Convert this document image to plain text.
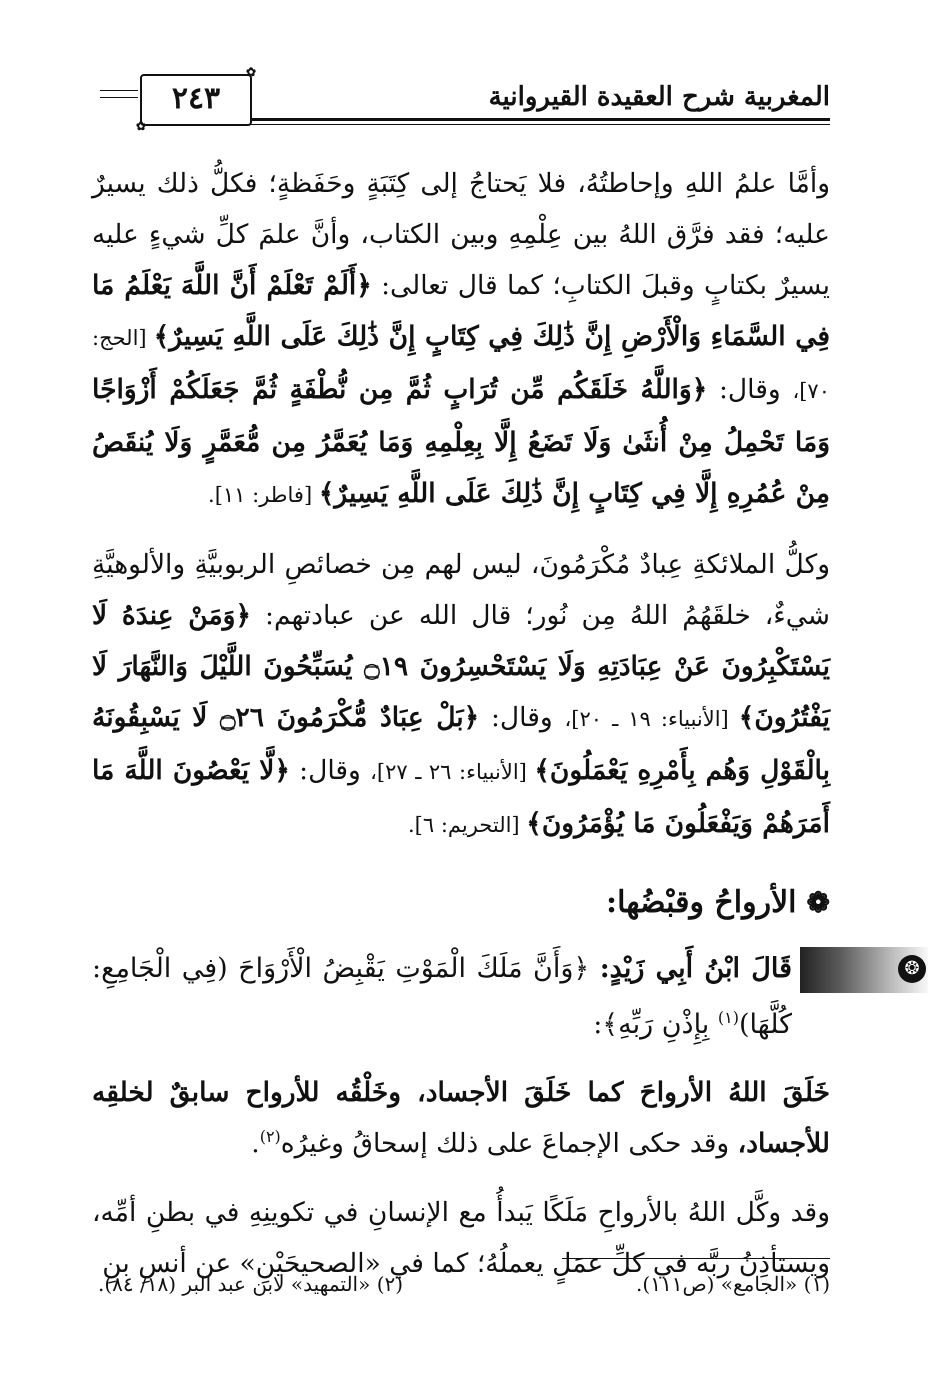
المغربية شرح العقيدة القيروانية
✿
٢٤٣
✿

وأمَّا علمُ اللهِ وإحاطتُهُ، فلا يَحتاجُ إلى كِتَبَةٍ وحَفَظةٍ؛ فكلُّ ذلك يسيرٌ عليه؛ فقد فرَّق اللهُ بين عِلْمِهِ وبين الكتاب، وأنَّ علمَ كلِّ شيءٍ عليه يسيرٌ بكتابٍ وقبلَ الكتابِ؛ كما قال تعالى: ﴿أَلَمْ تَعْلَمْ أَنَّ اللَّهَ يَعْلَمُ مَا فِي السَّمَاءِ وَالْأَرْضِ إِنَّ ذَٰلِكَ فِي كِتَابٍ إِنَّ ذَٰلِكَ عَلَى اللَّهِ يَسِيرٌ﴾ [الحج: ٧٠]، وقال: ﴿وَاللَّهُ خَلَقَكُم مِّن تُرَابٍ ثُمَّ مِن نُّطْفَةٍ ثُمَّ جَعَلَكُمْ أَزْوَاجًا وَمَا تَحْمِلُ مِنْ أُنثَىٰ وَلَا تَضَعُ إِلَّا بِعِلْمِهِ وَمَا يُعَمَّرُ مِن مُّعَمَّرٍ وَلَا يُنقَصُ مِنْ عُمُرِهِ إِلَّا فِي كِتَابٍ إِنَّ ذَٰلِكَ عَلَى اللَّهِ يَسِيرٌ﴾ [فاطر: ١١].

وكلُّ الملائكةِ عِبادٌ مُكْرَمُونَ، ليس لهم مِن خصائصِ الربوبيَّةِ والألوهيَّةِ شيءٌ، خلقَهُمُ اللهُ مِن نُور؛ قال الله عن عبادتهم: ﴿وَمَنْ عِندَهُ لَا يَسْتَكْبِرُونَ عَنْ عِبَادَتِهِ وَلَا يَسْتَحْسِرُونَ ۝١٩ يُسَبِّحُونَ اللَّيْلَ وَالنَّهَارَ لَا يَفْتُرُونَ﴾ [الأنبياء: ١٩ ـ ٢٠]، وقال: ﴿بَلْ عِبَادٌ مُّكْرَمُونَ ۝٢٦ لَا يَسْبِقُونَهُ بِالْقَوْلِ وَهُم بِأَمْرِهِ يَعْمَلُونَ﴾ [الأنبياء: ٢٦ ـ ٢٧]، وقال: ﴿لَّا يَعْصُونَ اللَّهَ مَا أَمَرَهُمْ وَيَفْعَلُونَ مَا يُؤْمَرُونَ﴾ [التحريم: ٦].

❁
الأرواحُ وقبْضُها:
❂
قَالَ ابْنُ أَبِي زَيْدٍ: ﴿وَأَنَّ مَلَكَ الْمَوْتِ يَقْبِضُ الْأَرْوَاحَ (فِي الْجَامِعِ: كُلَّهَا)$^{(١)}$ بِإِذْنِ رَبِّهِ﴾:

خَلَقَ اللهُ الأرواحَ كما خَلَقَ الأجساد، وخَلْقُه للأرواح سابقٌ لخلقِه للأجساد، وقد حكى الإجماعَ على ذلك إسحاقُ وغيرُه$^{(٢)}$.

وقد وكَّل اللهُ بالأرواحِ مَلَكًا يَبدأُ مع الإنسانِ في تكوينِهِ في بطنِ أمِّه، ويستأذِنُ ربَّه في كلِّ عمَلٍ يعملُهُ؛ كما في «الصحيحَيْنِ» عن أنسِ بنِ

(١) «الجامع» (ص١١١).
(٢) «التمهيد» لابن عبد البر (١٨/ ٨٤).
